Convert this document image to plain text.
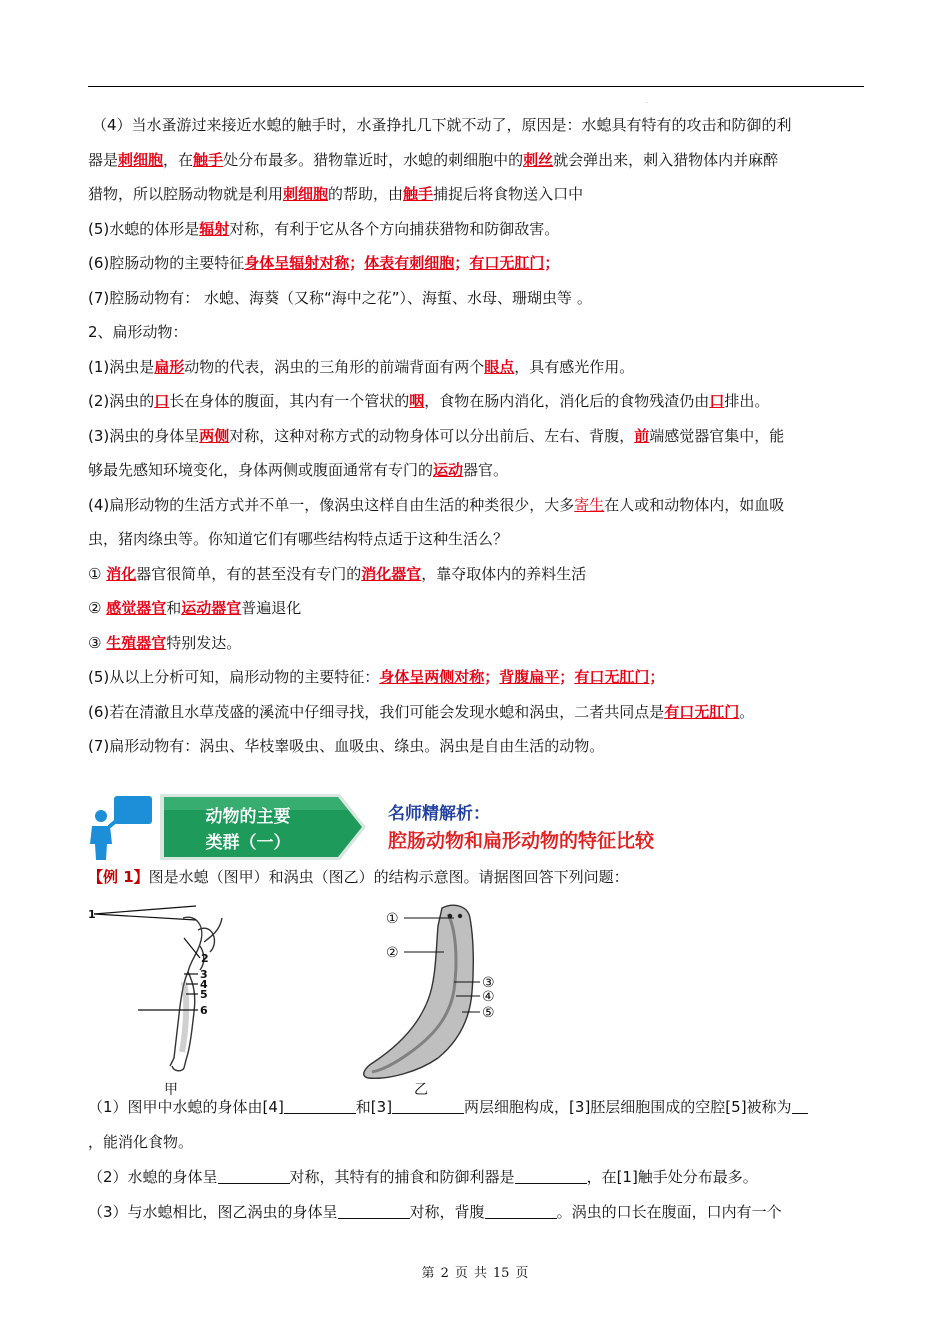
.

（4）当水蚤游过来接近水螅的触手时，水蚤挣扎几下就不动了，原因是：水螅具有特有的攻击和防御的利

器是刺细胞，在触手处分布最多。猎物靠近时，水螅的刺细胞中的刺丝就会弹出来，刺入猎物体内并麻醉

猎物，所以腔肠动物就是利用刺细胞的帮助，由触手捕捉后将食物送入口中

(5)水螅的体形是辐射对称，有利于它从各个方向捕获猎物和防御敌害。

(6)腔肠动物的主要特征身体呈辐射对称；体表有刺细胞；有口无肛门；

(7)腔肠动物有： 水螅、海葵（又称“海中之花”）、海蜇、水母、珊瑚虫等 。

2、扁形动物：

(1)涡虫是扁形动物的代表，涡虫的三角形的前端背面有两个眼点，具有感光作用。

(2)涡虫的口长在身体的腹面，其内有一个管状的咽，食物在肠内消化，消化后的食物残渣仍由口排出。

(3)涡虫的身体呈两侧对称，这种对称方式的动物身体可以分出前后、左右、背腹，前端感觉器官集中，能

够最先感知环境变化，身体两侧或腹面通常有专门的运动器官。

(4)扁形动物的生活方式并不单一，像涡虫这样自由生活的种类很少，大多寄生在人或和动物体内，如血吸

虫，猪肉绦虫等。你知道它们有哪些结构特点适于这种生活么？

① 消化器官很简单，有的甚至没有专门的消化器官，靠夺取体内的养料生活

② 感觉器官和运动器官普遍退化

③ 生殖器官特别发达。

(5)从以上分析可知，扁形动物的主要特征：身体呈两侧对称；背腹扁平；有口无肛门；

(6)若在清澈且水草茂盛的溪流中仔细寻找，我们可能会发现水螅和涡虫，二者共同点是有口无肛门。

(7)扁形动物有：涡虫、华枝睾吸虫、血吸虫、绦虫。涡虫是自由生活的动物。

动物的主要
类群（一）
名师精解析：
腔肠动物和扁形动物的特征比较
【例 1】图是水螅（图甲）和涡虫（图乙）的结构示意图。请据图回答下列问题：
1
2
3
4
5
6
甲
①
②
③
④
⑤
乙

（1）图甲中水螅的身体由[4]	和[3]	两层细胞构成，[3]胚层细胞围成的空腔[5]被称为

，能消化食物。

（2）水螅的身体呈	对称，其特有的捕食和防御利器是	，在[1]触手处分布最多。

（3）与水螅相比，图乙涡虫的身体呈	对称，背腹	。涡虫的口长在腹面，口内有一个

第 2 页 共 15 页
